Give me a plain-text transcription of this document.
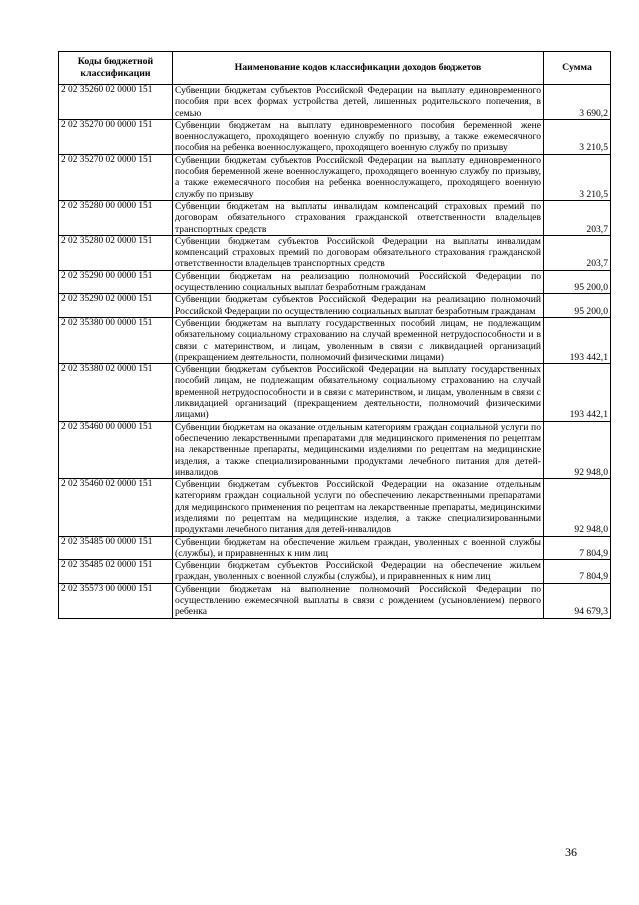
Коды бюджетной классификации	Наименование кодов классификации доходов бюджетов	Сумма
2 02 35260 02 0000 151	Субвенции бюджетам субъектов Российской Федерации на выплату единовременного пособия при всех формах устройства детей, лишенных родительского попечения, в семью	3 690,2
2 02 35270 00 0000 151	Субвенции бюджетам на выплату единовременного пособия беременной жене военнослужащего, проходящего военную службу по призыву, а также ежемесячного пособия на ребенка военнослужащего, проходящего военную службу по призыву	3 210,5
2 02 35270 02 0000 151	Субвенции бюджетам субъектов Российской Федерации на выплату единовременного пособия беременной жене военнослужащего, проходящего военную службу по призыву, а также ежемесячного пособия на ребенка военнослужащего, проходящего военную службу по призыву	3 210,5
2 02 35280 00 0000 151	Субвенции бюджетам на выплаты инвалидам компенсаций страховых премий по договорам обязательного страхования гражданской ответственности владельцев транспортных средств	203,7
2 02 35280 02 0000 151	Субвенции бюджетам субъектов Российской Федерации на выплаты инвалидам компенсаций страховых премий по договорам обязательного страхования гражданской ответственности владельцев транспортных средств	203,7
2 02 35290 00 0000 151	Субвенции бюджетам на реализацию полномочий Российской Федерации по осуществлению социальных выплат безработным гражданам	95 200,0
2 02 35290 02 0000 151	Субвенции бюджетам субъектов Российской Федерации на реализацию полномочий Российской Федерации по осуществлению социальных выплат безработным гражданам	95 200,0
2 02 35380 00 0000 151	Субвенции бюджетам на выплату государственных пособий лицам, не подлежащим обязательному социальному страхованию на случай временной нетрудоспособности и в связи с материнством, и лицам, уволенным в связи с ликвидацией организаций (прекращением деятельности, полномочий физическими лицами)	193 442,1
2 02 35380 02 0000 151	Субвенции бюджетам субъектов Российской Федерации на выплату государственных пособий лицам, не подлежащим обязательному социальному страхованию на случай временной нетрудоспособности и в связи с материнством, и лицам, уволенным в связи с ликвидацией организаций (прекращением деятельности, полномочий физическими лицами)	193 442,1
2 02 35460 00 0000 151	Субвенции бюджетам на оказание отдельным категориям граждан социальной услуги по обеспечению лекарственными препаратами для медицинского применения по рецептам на лекарственные препараты, медицинскими изделиями по рецептам на медицинские изделия, а также специализированными продуктами лечебного питания для детей-инвалидов	92 948,0
2 02 35460 02 0000 151	Субвенции бюджетам субъектов Российской Федерации на оказание отдельным категориям граждан социальной услуги по обеспечению лекарственными препаратами для медицинского применения по рецептам на лекарственные препараты, медицинскими изделиями по рецептам на медицинские изделия, а также специализированными продуктами лечебного питания для детей-инвалидов	92 948,0
2 02 35485 00 0000 151	Субвенции бюджетам на обеспечение жильем граждан, уволенных с военной службы (службы), и приравненных к ним лиц	7 804,9
2 02 35485 02 0000 151	Субвенции бюджетам субъектов Российской Федерации на обеспечение жильем граждан, уволенных с военной службы (службы), и приравненных к ним лиц	7 804,9
2 02 35573 00 0000 151	Субвенции бюджетам на выполнение полномочий Российской Федерации по осуществлению ежемесячной выплаты в связи с рождением (усыновлением) первого ребенка	94 679,3
36
